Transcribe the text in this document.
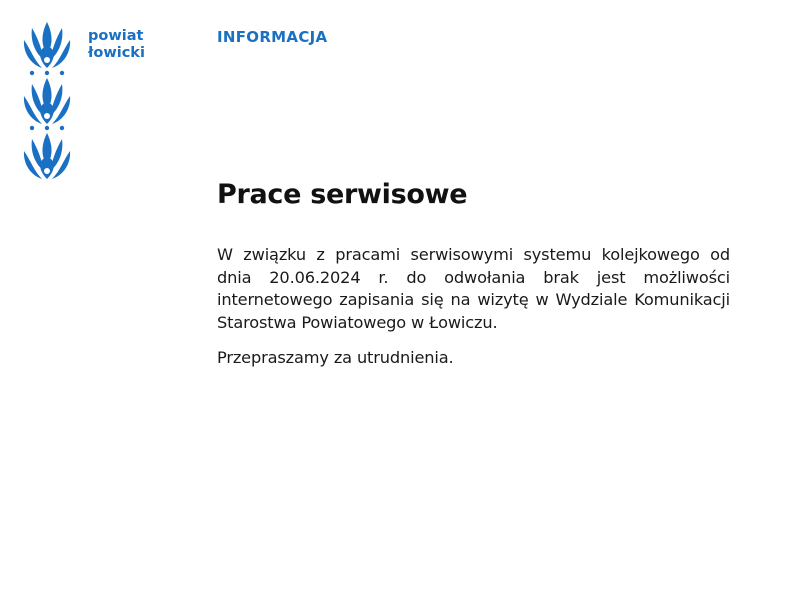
powiat
łowicki
INFORMACJA
Prace serwisowe

W związku z pracami serwisowymi systemu kolejkowego od dnia 20.06.2024 r. do odwołania brak jest możliwości internetowego zapisania się na wizytę w Wydziale Komunikacji Starostwa Powiatowego w Łowiczu.

Przepraszamy za utrudnienia.
